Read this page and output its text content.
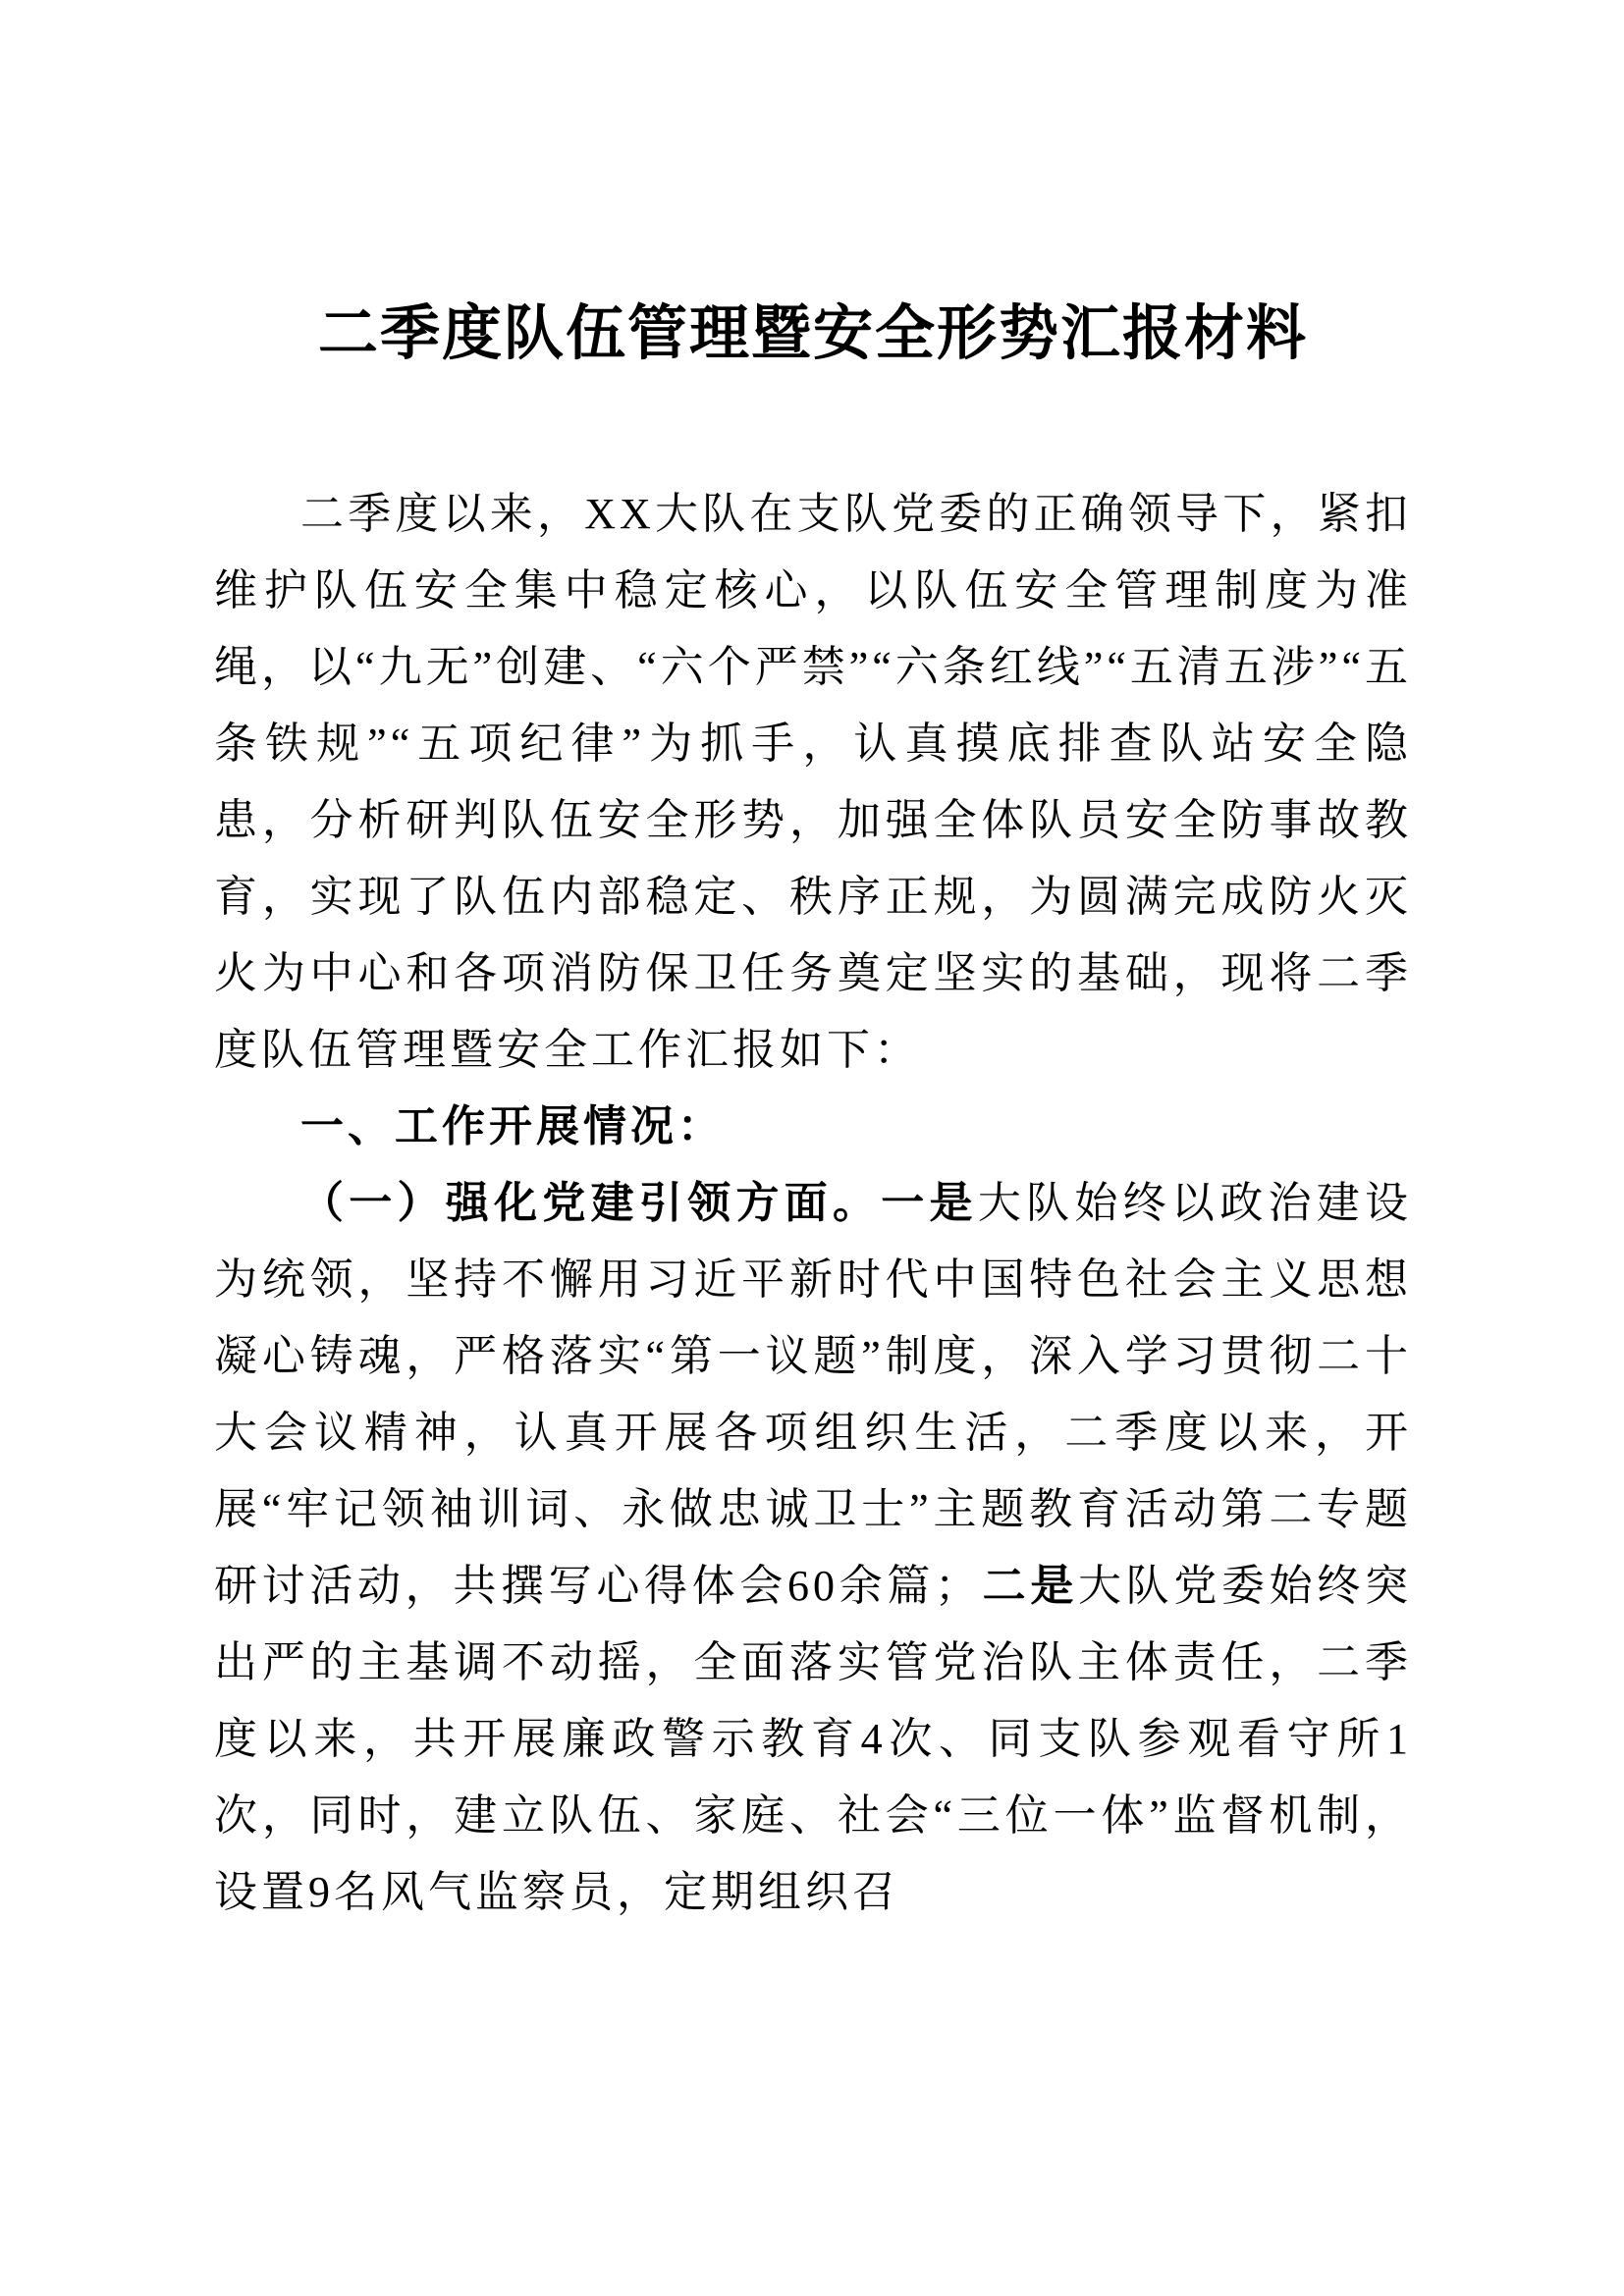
二季度队伍管理暨安全形势汇报材料

二季度以来，XX大队在支队党委的正确领导下，紧扣维护队伍安全集中稳定核心，以队伍安全管理制度为准绳，以“九无”创建、“六个严禁”“六条红线”“五清五涉”“五条铁规”“五项纪律”为抓手，认真摸底排查队站安全隐患，分析研判队伍安全形势，加强全体队员安全防事故教育，实现了队伍内部稳定、秩序正规，为圆满完成防火灭火为中心和各项消防保卫任务奠定坚实的基础，现将二季度队伍管理暨安全工作汇报如下：

一、工作开展情况：

（一）强化党建引领方面。一是大队始终以政治建设为统领，坚持不懈用习近平新时代中国特色社会主义思想凝心铸魂，严格落实“第一议题”制度，深入学习贯彻二十大会议精神，认真开展各项组织生活，二季度以来，开展“牢记领袖训词、永做忠诚卫士”主题教育活动第二专题研讨活动，共撰写心得体会60余篇；二是大队党委始终突出严的主基调不动摇，全面落实管党治队主体责任，二季度以来，共开展廉政警示教育4次、同支队参观看守所1次，同时，建立队伍、家庭、社会“三位一体”监督机制，设置9名风气监察员，定期组织召
